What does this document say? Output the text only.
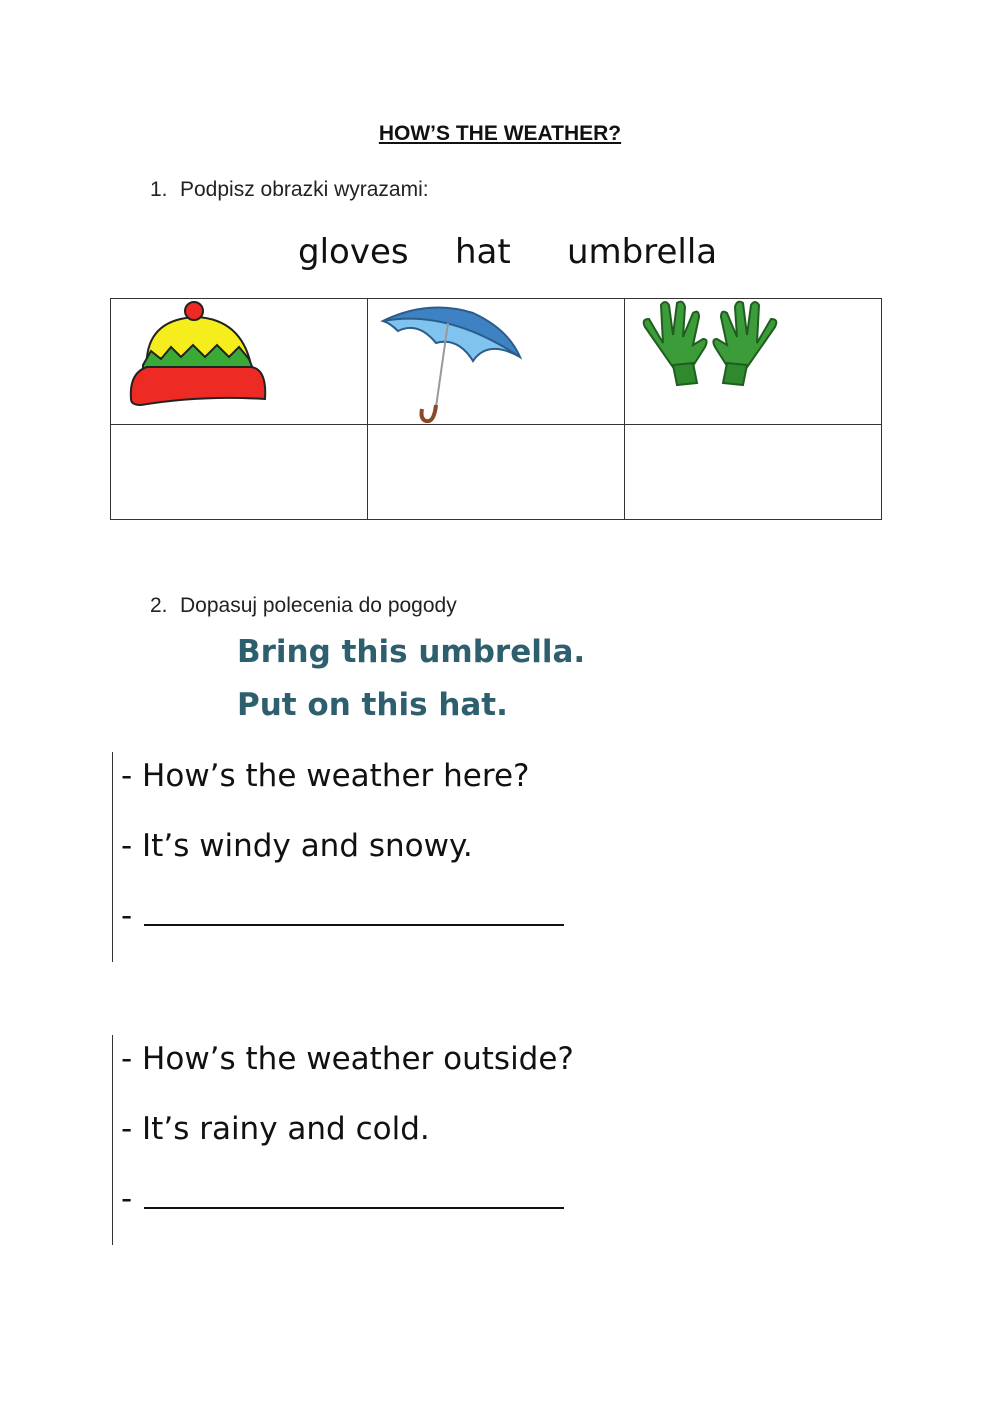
HOW’S THE WEATHER?
1. Podpisz obrazki wyrazami:
gloves hat umbrella

2. Dopasuj polecenia do pogody
Bring this umbrella.
Put on this hat.
- How’s the weather here?
- It’s windy and snowy.
-
- How’s the weather outside?
- It’s rainy and cold.
-
